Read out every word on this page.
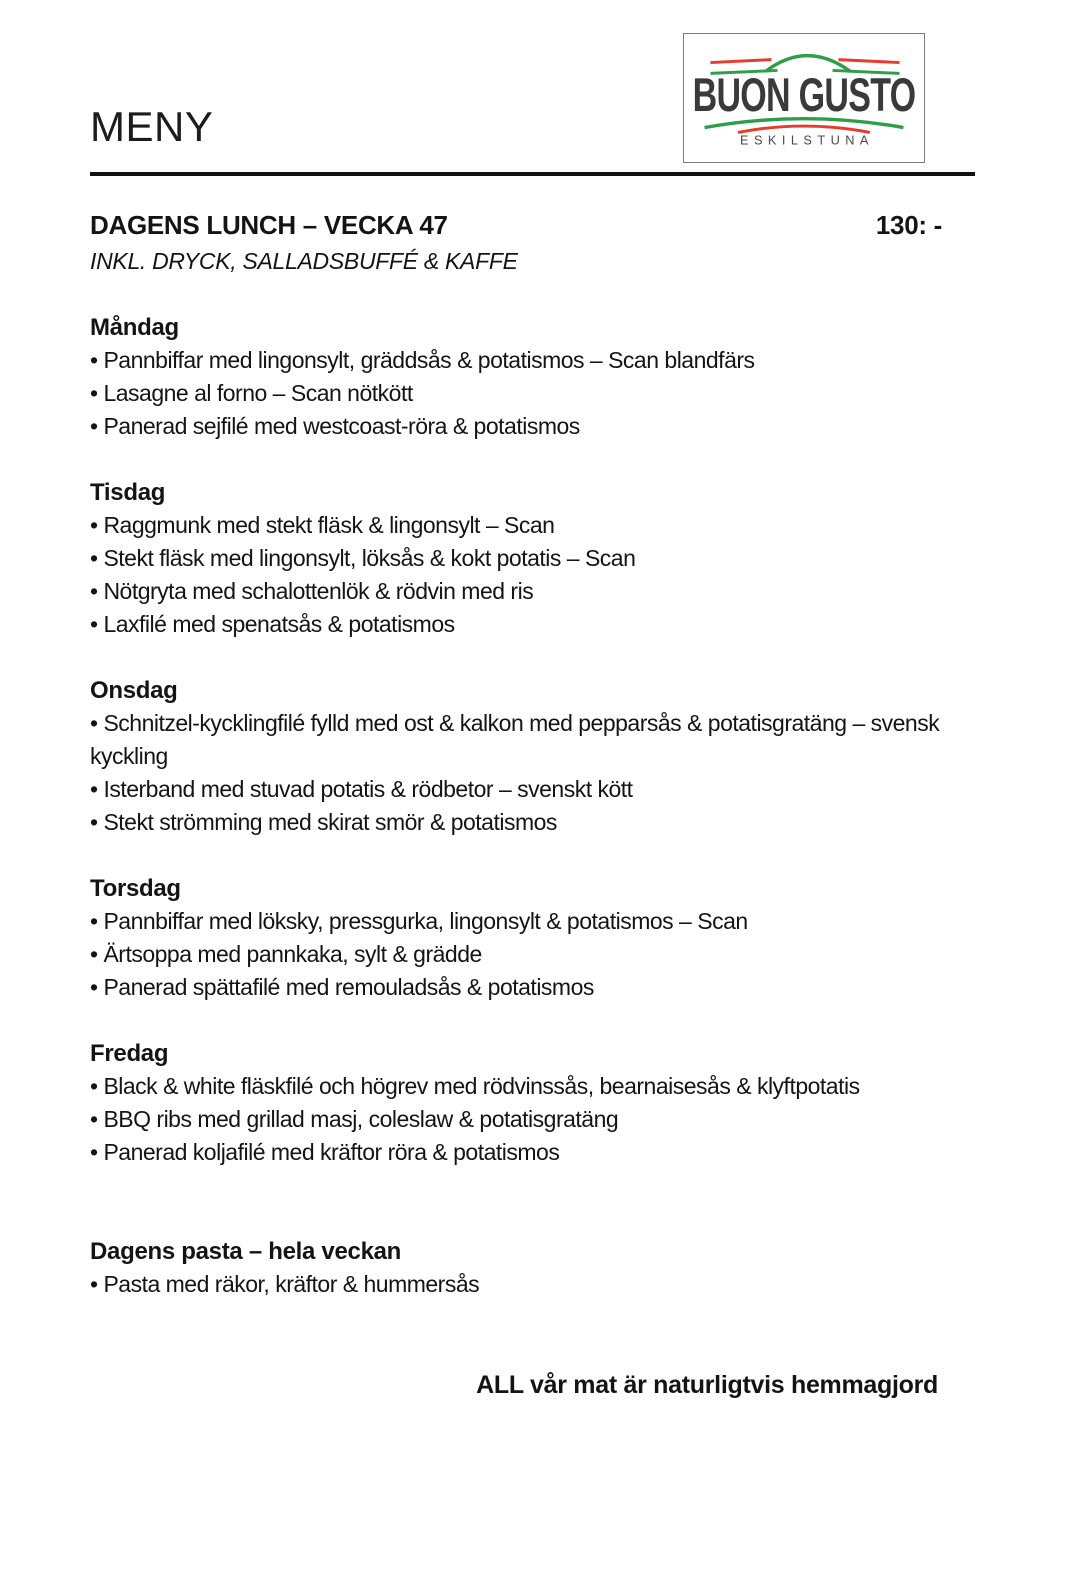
BUON GUSTO
ESKILSTUNA
MENY
DAGENS LUNCH – VECKA 47	130: -

INKL. DRYCK, SALLADSBUFFÉ & KAFFE

Måndag
• Pannbiffar med lingonsylt, gräddsås & potatismos – Scan blandfärs
• Lasagne al forno – Scan nötkött
• Panerad sejfilé med westcoast-röra & potatismos
Tisdag
• Raggmunk med stekt fläsk & lingonsylt – Scan
• Stekt fläsk med lingonsylt, löksås & kokt potatis – Scan
• Nötgryta med schalottenlök & rödvin med ris
• Laxfilé med spenatsås & potatismos
Onsdag
• Schnitzel-kycklingfilé fylld med ost & kalkon med pepparsås & potatisgratäng – svensk kyckling
• Isterband med stuvad potatis & rödbetor – svenskt kött
• Stekt strömming med skirat smör & potatismos
Torsdag
• Pannbiffar med löksky, pressgurka, lingonsylt & potatismos – Scan
• Ärtsoppa med pannkaka, sylt & grädde
• Panerad spättafilé med remouladsås & potatismos
Fredag
• Black & white fläskfilé och högrev med rödvinssås, bearnaisesås & klyftpotatis
• BBQ ribs med grillad masj, coleslaw & potatisgratäng
• Panerad koljafilé med kräftor röra & potatismos
Dagens pasta – hela veckan
• Pasta med räkor, kräftor & hummersås
ALL vår mat är naturligtvis hemmagjord
